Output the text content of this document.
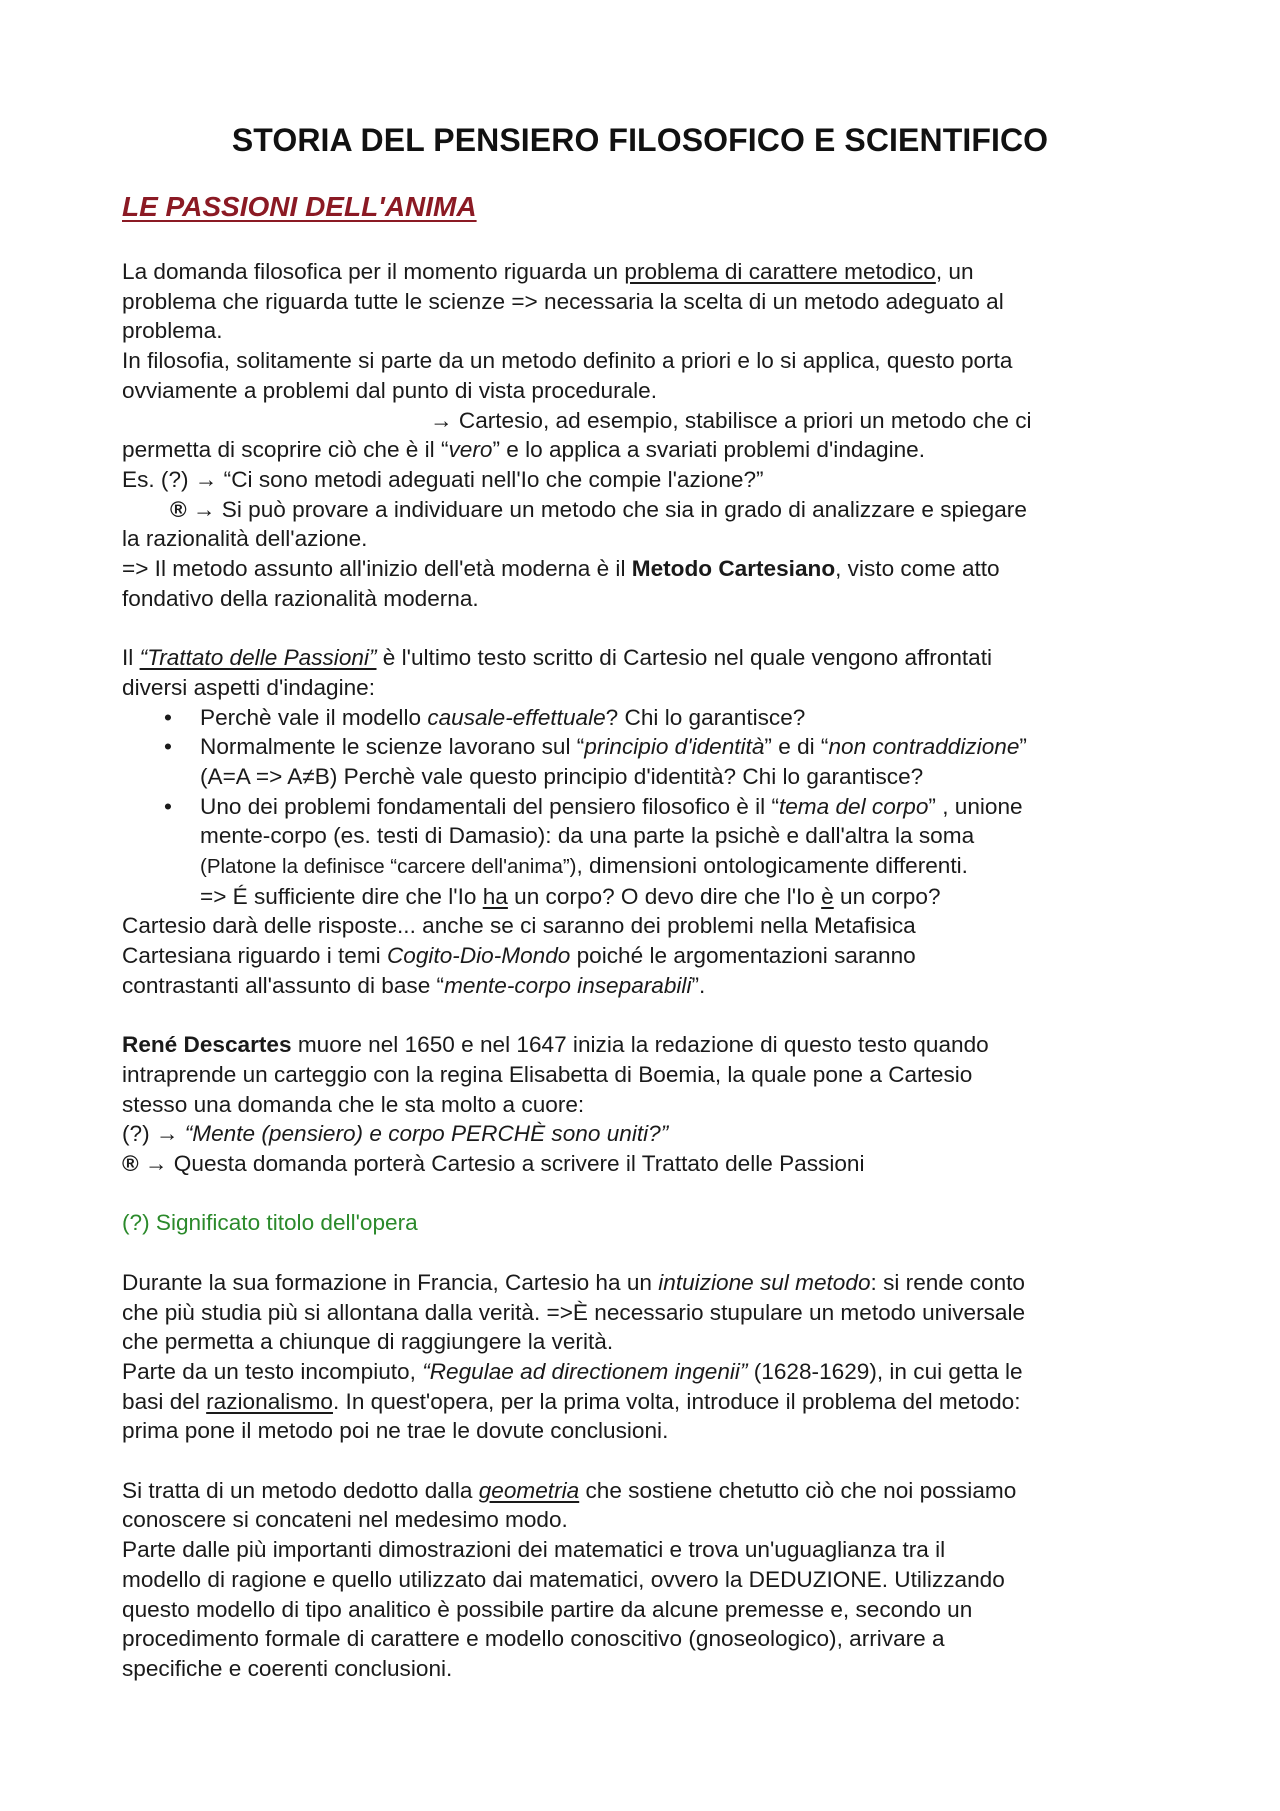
STORIA DEL PENSIERO FILOSOFICO E SCIENTIFICO
LE PASSIONI DELL'ANIMA

La domanda filosofica per il momento riguarda un problema di carattere metodico, un

problema che riguarda tutte le scienze => necessaria la scelta di un metodo adeguato al

problema.

In filosofia, solitamente si parte da un metodo definito a priori e lo si applica, questo porta

ovviamente a problemi dal punto di vista procedurale.

→ Cartesio, ad esempio, stabilisce a priori un metodo che ci

permetta di scoprire ciò che è il “vero” e lo applica a svariati problemi d'indagine.

Es. (?) → “Ci sono metodi adeguati nell'Io che compie l'azione?”

® → Si può provare a individuare un metodo che sia in grado di analizzare e spiegare

la razionalità dell'azione.

=> Il metodo assunto all'inizio dell'età moderna è il Metodo Cartesiano, visto come atto

fondativo della razionalità moderna.

Il “Trattato delle Passioni” è l'ultimo testo scritto di Cartesio nel quale vengono affrontati

diversi aspetti d'indagine:

• Perchè vale il modello causale-effettuale? Chi lo garantisce?

• Normalmente le scienze lavorano sul “principio d'identità” e di “non contraddizione”

(A=A => A≠B) Perchè vale questo principio d'identità? Chi lo garantisce?

• Uno dei problemi fondamentali del pensiero filosofico è il “tema del corpo” , unione

mente-corpo (es. testi di Damasio): da una parte la psichè e dall'altra la soma

(Platone la definisce “carcere dell'anima”), dimensioni ontologicamente differenti.

=> É sufficiente dire che l'Io ha un corpo? O devo dire che l'Io è un corpo?

Cartesio darà delle risposte... anche se ci saranno dei problemi nella Metafisica

Cartesiana riguardo i temi Cogito-Dio-Mondo poiché le argomentazioni saranno

contrastanti all'assunto di base “mente-corpo inseparabili”.

René Descartes muore nel 1650 e nel 1647 inizia la redazione di questo testo quando

intraprende un carteggio con la regina Elisabetta di Boemia, la quale pone a Cartesio

stesso una domanda che le sta molto a cuore:

(?) → “Mente (pensiero) e corpo PERCHÈ sono uniti?”

® → Questa domanda porterà Cartesio a scrivere il Trattato delle Passioni

(?) Significato titolo dell'opera

Durante la sua formazione in Francia, Cartesio ha un intuizione sul metodo: si rende conto

che più studia più si allontana dalla verità. =>È necessario stupulare un metodo universale

che permetta a chiunque di raggiungere la verità.

Parte da un testo incompiuto, “Regulae ad directionem ingenii” (1628-1629), in cui getta le

basi del razionalismo. In quest'opera, per la prima volta, introduce il problema del metodo:

prima pone il metodo poi ne trae le dovute conclusioni.

Si tratta di un metodo dedotto dalla geometria che sostiene chetutto ciò che noi possiamo

conoscere si concateni nel medesimo modo.

Parte dalle più importanti dimostrazioni dei matematici e trova un'uguaglianza tra il

modello di ragione e quello utilizzato dai matematici, ovvero la DEDUZIONE. Utilizzando

questo modello di tipo analitico è possibile partire da alcune premesse e, secondo un

procedimento formale di carattere e modello conoscitivo (gnoseologico), arrivare a

specifiche e coerenti conclusioni.
